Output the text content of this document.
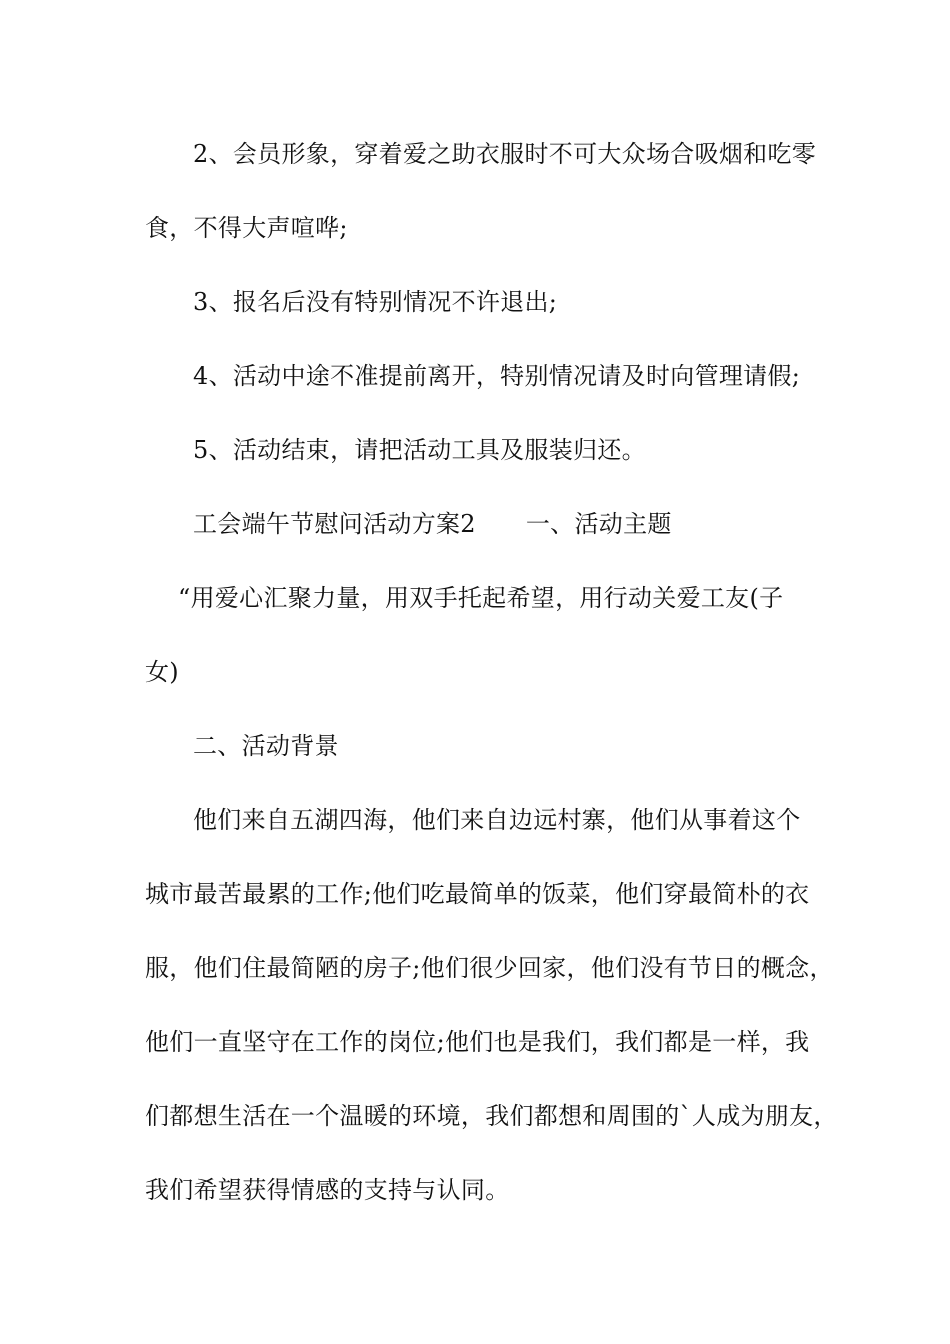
2、会员形象，穿着爱之助衣服时不可大众场合吸烟和吃零
食，不得大声喧哗;
3、报名后没有特别情况不许退出;
4、活动中途不准提前离开，特别情况请及时向管理请假;
5、活动结束，请把活动工具及服装归还。
工会端午节慰问活动方案2 一、活动主题
“用爱心汇聚力量，用双手托起希望，用行动关爱工友(子
女)
二、活动背景
他们来自五湖四海，他们来自边远村寨，他们从事着这个
城市最苦最累的工作;他们吃最简单的饭菜，他们穿最简朴的衣
服，他们住最简陋的房子;他们很少回家，他们没有节日的概念，
他们一直坚守在工作的岗位;他们也是我们，我们都是一样，我
们都想生活在一个温暖的环境，我们都想和周围的`人成为朋友，
我们希望获得情感的支持与认同。
